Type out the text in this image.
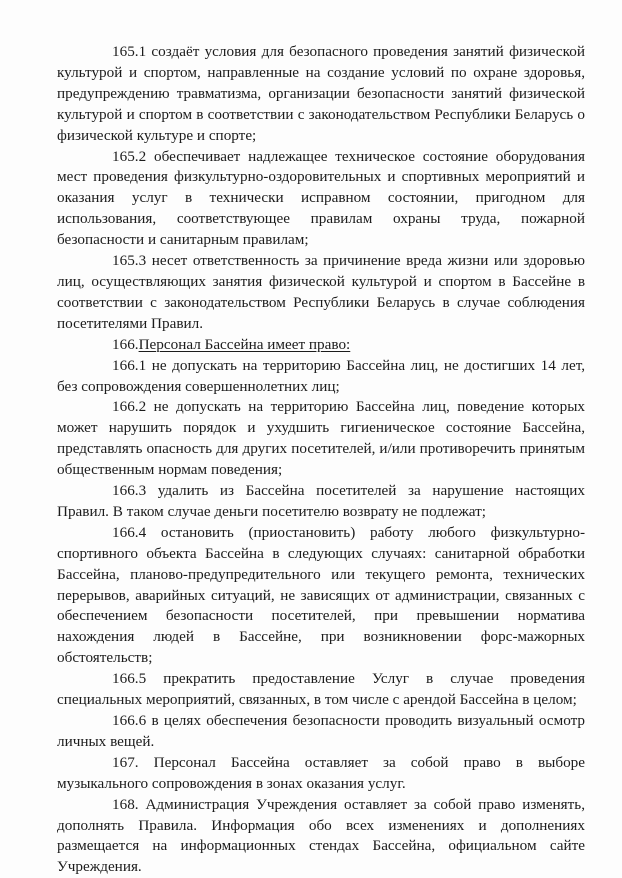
165.1 создаёт условия для безопасного проведения занятий физической культурой и спортом, направленные на создание условий по охране здоровья, предупреждению травматизма, организации безопасности занятий физической культурой и спортом в соответствии с законодательством Республики Беларусь о физической культуре и спорте;

165.2 обеспечивает надлежащее техническое состояние оборудования мест проведения физкультурно-оздоровительных и спортивных мероприятий и оказания услуг в технически исправном состоянии, пригодном для использования, соответствующее правилам охраны труда, пожарной безопасности и санитарным правилам;

165.3 несет ответственность за причинение вреда жизни или здоровью лиц, осуществляющих занятия физической культурой и спортом в Бассейне в соответствии с законодательством Республики Беларусь в случае соблюдения посетителями Правил.

166.Персонал Бассейна имеет право:

166.1 не допускать на территорию Бассейна лиц, не достигших 14 лет, без сопровождения совершеннолетних лиц;

166.2 не допускать на территорию Бассейна лиц, поведение которых может нарушить порядок и ухудшить гигиеническое состояние Бассейна, представлять опасность для других посетителей, и/или противоречить принятым общественным нормам поведения;

166.3 удалить из Бассейна посетителей за нарушение настоящих Правил. В таком случае деньги посетителю возврату не подлежат;

166.4 остановить (приостановить) работу любого физкультурно-спортивного объекта Бассейна в следующих случаях: санитарной обработки Бассейна, планово-предупредительного или текущего ремонта, технических перерывов, аварийных ситуаций, не зависящих от администрации, связанных с обеспечением безопасности посетителей, при превышении норматива нахождения людей в Бассейне, при возникновении форс-мажорных обстоятельств;

166.5 прекратить предоставление Услуг в случае проведения специальных мероприятий, связанных, в том числе с арендой Бассейна в целом;

166.6 в целях обеспечения безопасности проводить визуальный осмотр личных вещей.

167. Персонал Бассейна оставляет за собой право в выборе музыкального сопровождения в зонах оказания услуг.

168. Администрация Учреждения оставляет за собой право изменять, дополнять Правила. Информация обо всех изменениях и дополнениях размещается на информационных стендах Бассейна, официальном сайте Учреждения.
